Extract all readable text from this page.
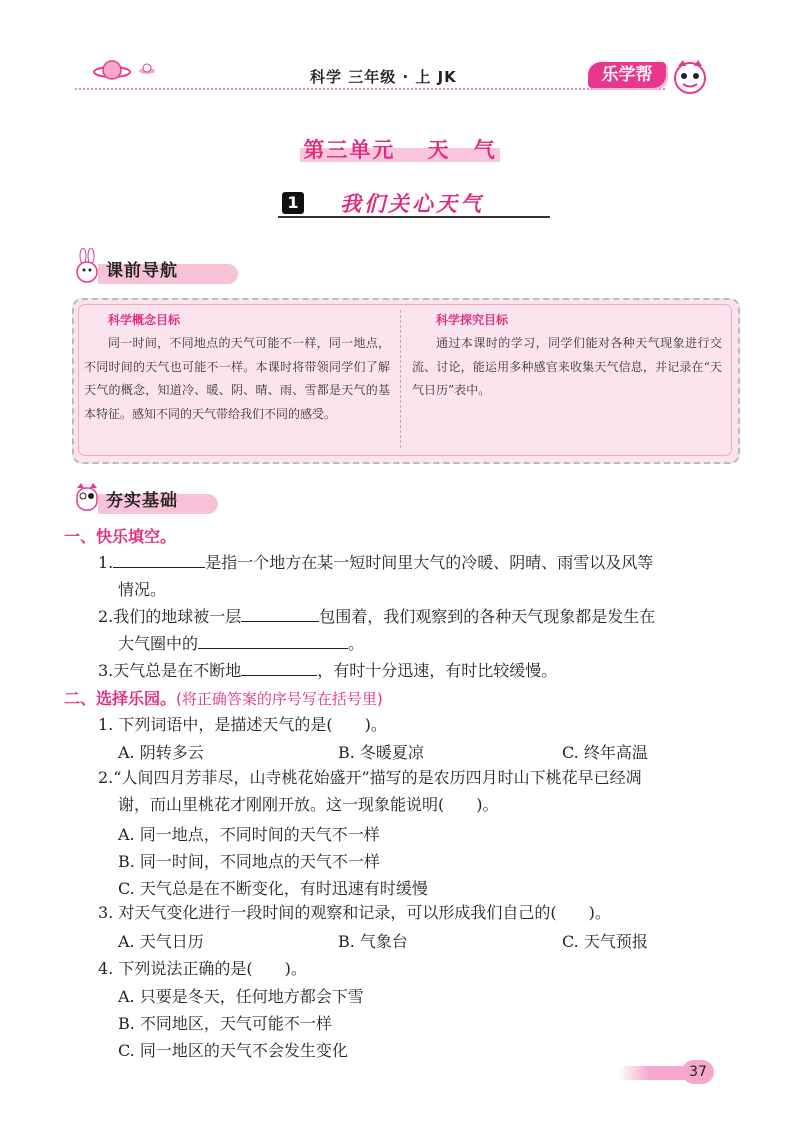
科学 三年级 · 上 JK	乐学帮
第三单元　 天　气
1 我们关心天气
课前导航
科学概念目标
同一时间，不同地点的天气可能不一样，同一地点，不同时间的天气也可能不一样。本课时将带领同学们了解天气的概念，知道冷、暖、阴、晴、雨、雪都是天气的基本特征。感知不同的天气带给我们不同的感受。
科学探究目标
通过本课时的学习，同学们能对各种天气现象进行交流、讨论，能运用多种感官来收集天气信息，并记录在“天气日历”表中。
夯实基础
一、快乐填空。
1.	是指一个地方在某一短时间里大气的冷暖、阴晴、雨雪以及风等
情况。
2.我们的地球被一层	包围着，我们观察到的各种天气现象都是发生在
大气圈中的	。
3.天气总是在不断地	，有时十分迅速，有时比较缓慢。
二、选择乐园。(将正确答案的序号写在括号里)
1. 下列词语中，是描述天气的是(　　)。
A. 阴转多云	B. 冬暖夏凉	C. 终年高温
2.“人间四月芳菲尽，山寺桃花始盛开”描写的是农历四月时山下桃花早已经凋
谢，而山里桃花才刚刚开放。这一现象能说明(　　)。
A. 同一地点，不同时间的天气不一样
B. 同一时间，不同地点的天气不一样
C. 天气总是在不断变化，有时迅速有时缓慢
3. 对天气变化进行一段时间的观察和记录，可以形成我们自己的(　　)。
A. 天气日历	B. 气象台	C. 天气预报
4. 下列说法正确的是(　　)。
A. 只要是冬天，任何地方都会下雪
B. 不同地区，天气可能不一样
C. 同一地区的天气不会发生变化
37
